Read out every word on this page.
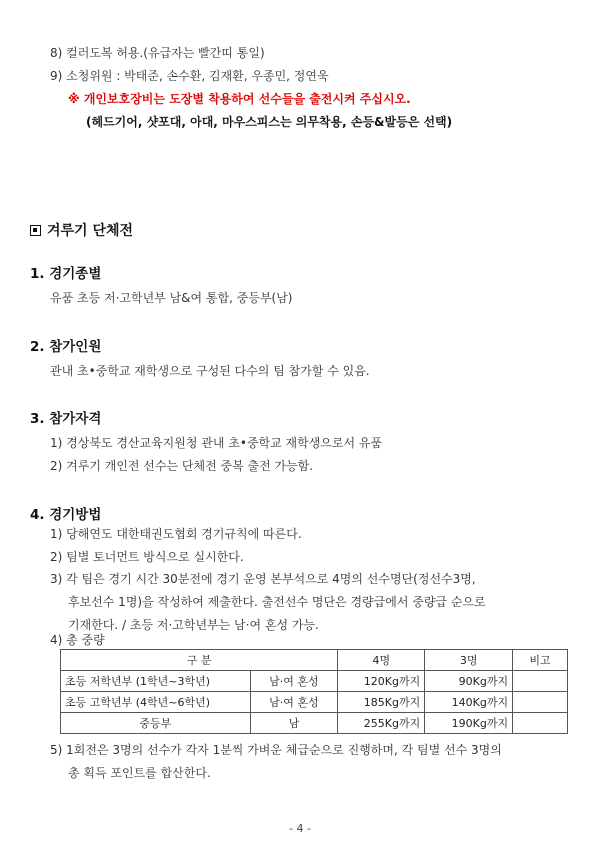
8) 컬러도복 허용.(유급자는 빨간띠 통일)
9) 소청위원 : 박태준, 손수환, 김재환, 우종민, 정연욱
※ 개인보호장비는 도장별 착용하여 선수들을 출전시켜 주십시오.
(헤드기어, 샷포대, 아대, 마우스피스는 의무착용, 손등&발등은 선택)
겨루기 단체전
1. 경기종별
유품 초등 저·고학년부 남&여 통합, 중등부(남)
2. 참가인원
관내 초•중학교 재학생으로 구성된 다수의 팀 참가할 수 있음.
3. 참가자격
1) 경상북도 경산교육지원청 관내 초•중학교 재학생으로서 유품
2) 겨루기 개인전 선수는 단체전 중복 출전 가능함.
4. 경기방법
1) 당해연도 대한태권도협회 경기규칙에 따른다.
2) 팀별 토너먼트 방식으로 실시한다.
3) 각 팀은 경기 시간 30분전에 경기 운영 본부석으로 4명의 선수명단(정선수3명,
후보선수 1명)을 작성하여 제출한다. 출전선수 명단은 경량급에서 중량급 순으로
기재한다. / 초등 저·고학년부는 남·여 혼성 가능.
4) 총 중량
구 분		4명	3명	비고
초등 저학년부 (1학년~3학년)	남·여 혼성	120Kg까지	90Kg까지	
초등 고학년부 (4학년~6학년)	남·여 혼성	185Kg까지	140Kg까지	
중등부	남	255Kg까지	190Kg까지	
5) 1회전은 3명의 선수가 각자 1분씩 가벼운 체급순으로 진행하며, 각 팀별 선수 3명의
총 획득 포인트를 합산한다.
- 4 -
